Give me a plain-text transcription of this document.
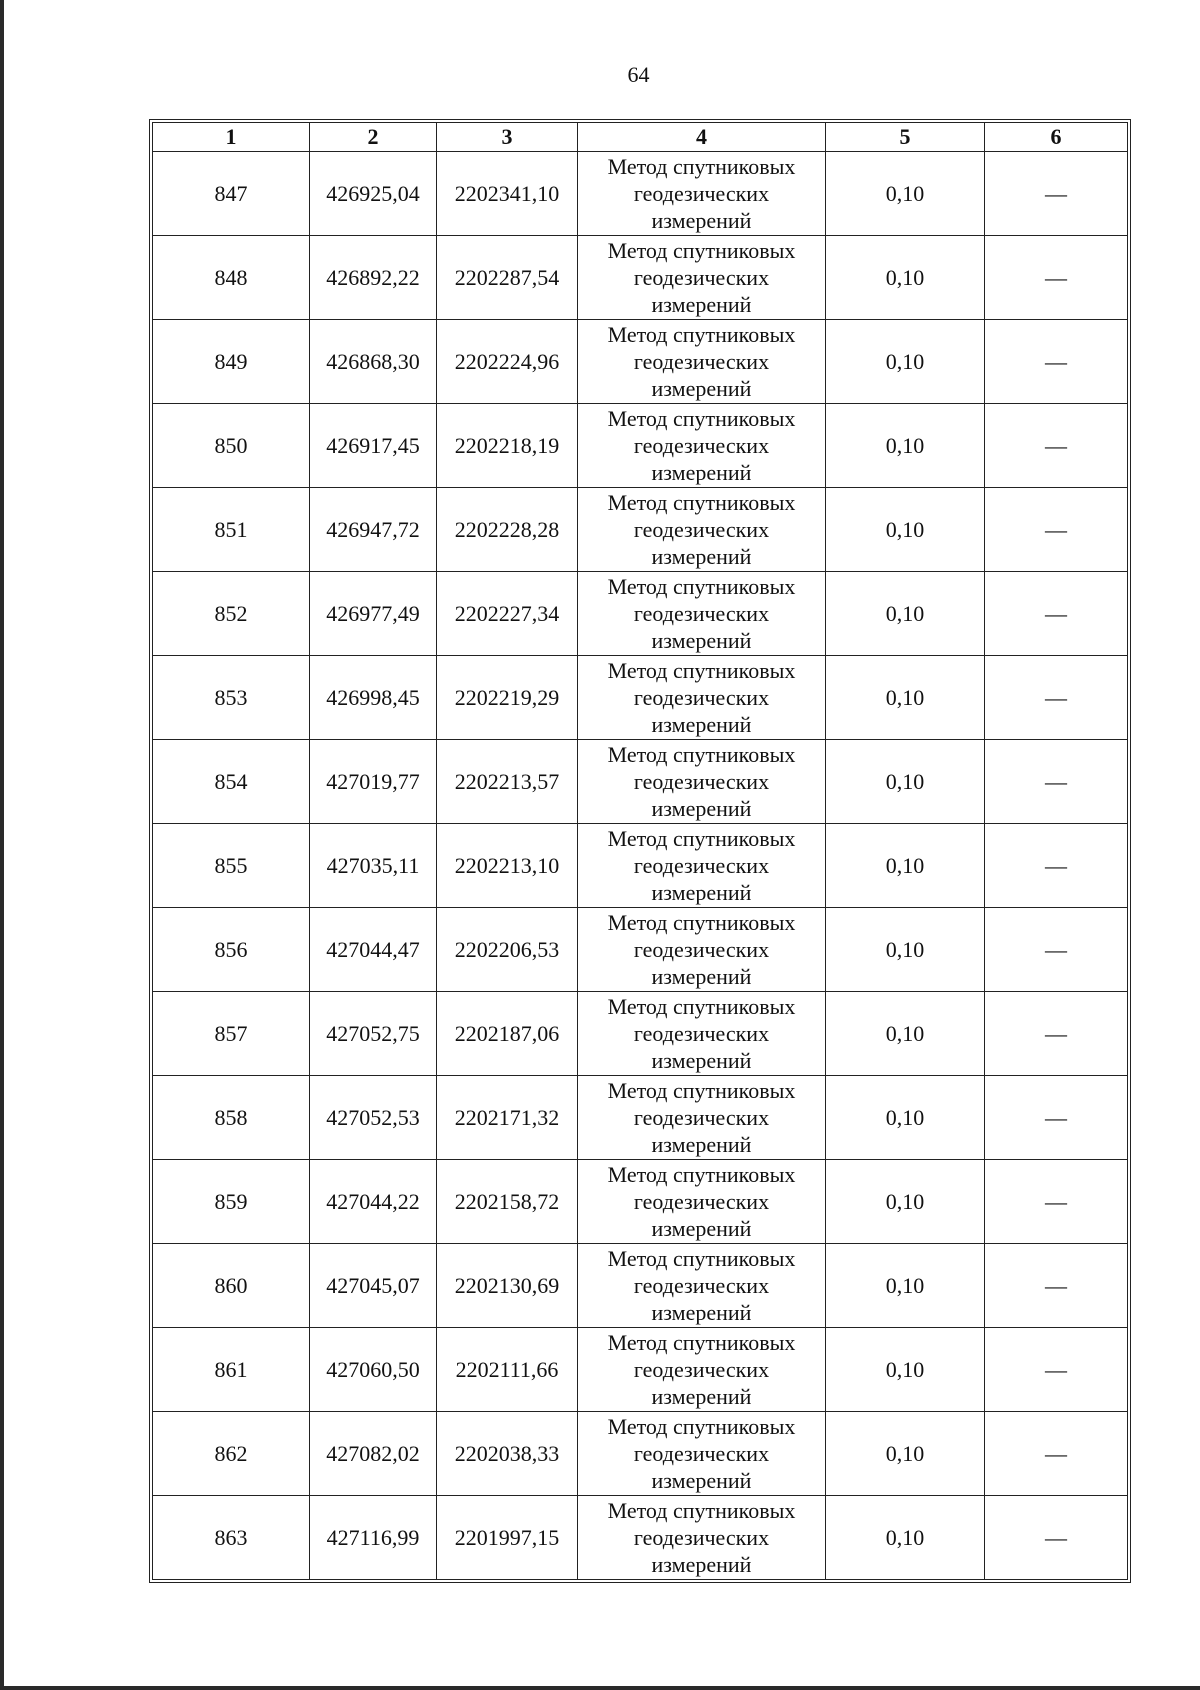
64
1	2	3	4	5	6
847	426925,04	2202341,10	Метод спутниковых
геодезических
измерений	0,10	—
848	426892,22	2202287,54	Метод спутниковых
геодезических
измерений	0,10	—
849	426868,30	2202224,96	Метод спутниковых
геодезических
измерений	0,10	—
850	426917,45	2202218,19	Метод спутниковых
геодезических
измерений	0,10	—
851	426947,72	2202228,28	Метод спутниковых
геодезических
измерений	0,10	—
852	426977,49	2202227,34	Метод спутниковых
геодезических
измерений	0,10	—
853	426998,45	2202219,29	Метод спутниковых
геодезических
измерений	0,10	—
854	427019,77	2202213,57	Метод спутниковых
геодезических
измерений	0,10	—
855	427035,11	2202213,10	Метод спутниковых
геодезических
измерений	0,10	—
856	427044,47	2202206,53	Метод спутниковых
геодезических
измерений	0,10	—
857	427052,75	2202187,06	Метод спутниковых
геодезических
измерений	0,10	—
858	427052,53	2202171,32	Метод спутниковых
геодезических
измерений	0,10	—
859	427044,22	2202158,72	Метод спутниковых
геодезических
измерений	0,10	—
860	427045,07	2202130,69	Метод спутниковых
геодезических
измерений	0,10	—
861	427060,50	2202111,66	Метод спутниковых
геодезических
измерений	0,10	—
862	427082,02	2202038,33	Метод спутниковых
геодезических
измерений	0,10	—
863	427116,99	2201997,15	Метод спутниковых
геодезических
измерений	0,10	—
